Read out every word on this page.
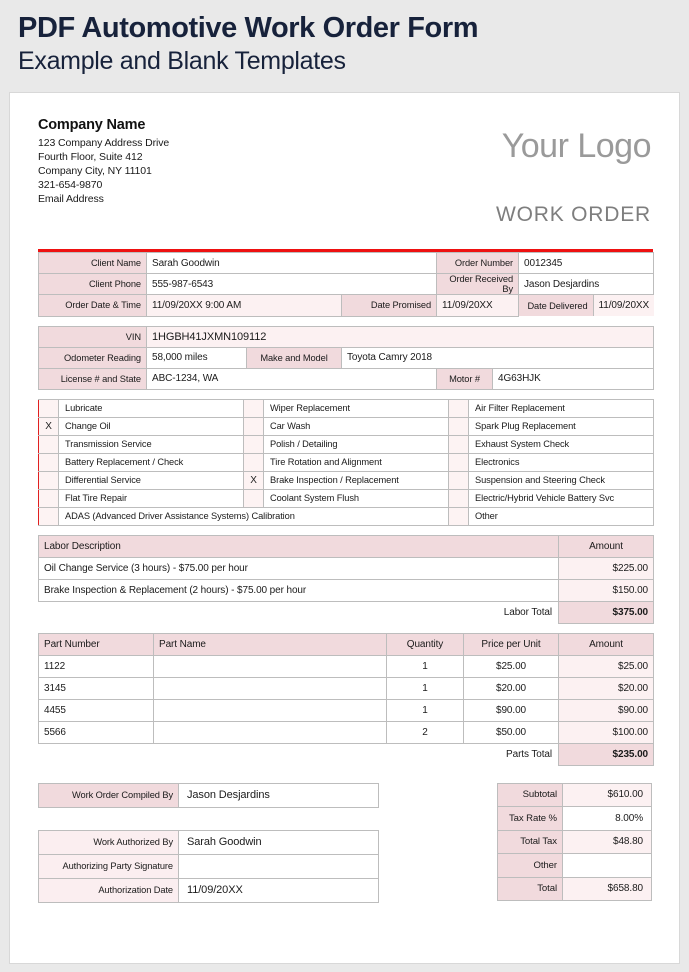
PDF Automotive Work Order Form
Example and Blank Templates
Company Name
123 Company Address Drive
Fourth Floor, Suite 412
Company City, NY 11101
321-654-9870
Email Address
Your Logo
WORK ORDER
Client Name	Sarah Goodwin	Order Number	0012345
Client Phone	555-987-6543	Order Received By	Jason Desjardins
Order Date & Time	11/09/20XX 9:00 AM	Date Promised	11/09/20XX		Date Delivered	11/09/20XX
VIN	1HGBH41JXMN109112				
Odometer Reading	58,000 miles	Make and Model	Toyota Camry 2018		
License # and State	ABC-1234, WA			Motor #	4G63HJK
	Lubricate		Wiper Replacement		Air Filter Replacement
X	Change Oil		Car Wash		Spark Plug Replacement
	Transmission Service		Polish / Detailing		Exhaust System Check
	Battery Replacement / Check		Tire Rotation and Alignment		Electronics
	Differential Service	X	Brake Inspection / Replacement		Suspension and Steering Check
	Flat Tire Repair		Coolant System Flush		Electric/Hybrid Vehicle Battery Svc
	ADAS (Advanced Driver Assistance Systems) Calibration				Other
Labor Description	Amount
Oil Change Service (3 hours) - $75.00 per hour	$225.00
Brake Inspection & Replacement (2 hours) - $75.00 per hour	$150.00
Labor Total	$375.00
Part Number	Part Name	Quantity	Price per Unit	Amount
1122		1	$25.00	$25.00
3145		1	$20.00	$20.00
4455		1	$90.00	$90.00
5566		2	$50.00	$100.00
Parts Total				$235.00
Work Order Compiled By	Jason Desjardins
Work Authorized By	Sarah Goodwin
Authorizing Party Signature	
Authorization Date	11/09/20XX
Subtotal	$610.00
Tax Rate %	8.00%
Total Tax	$48.80
Other	
Total	$658.80
